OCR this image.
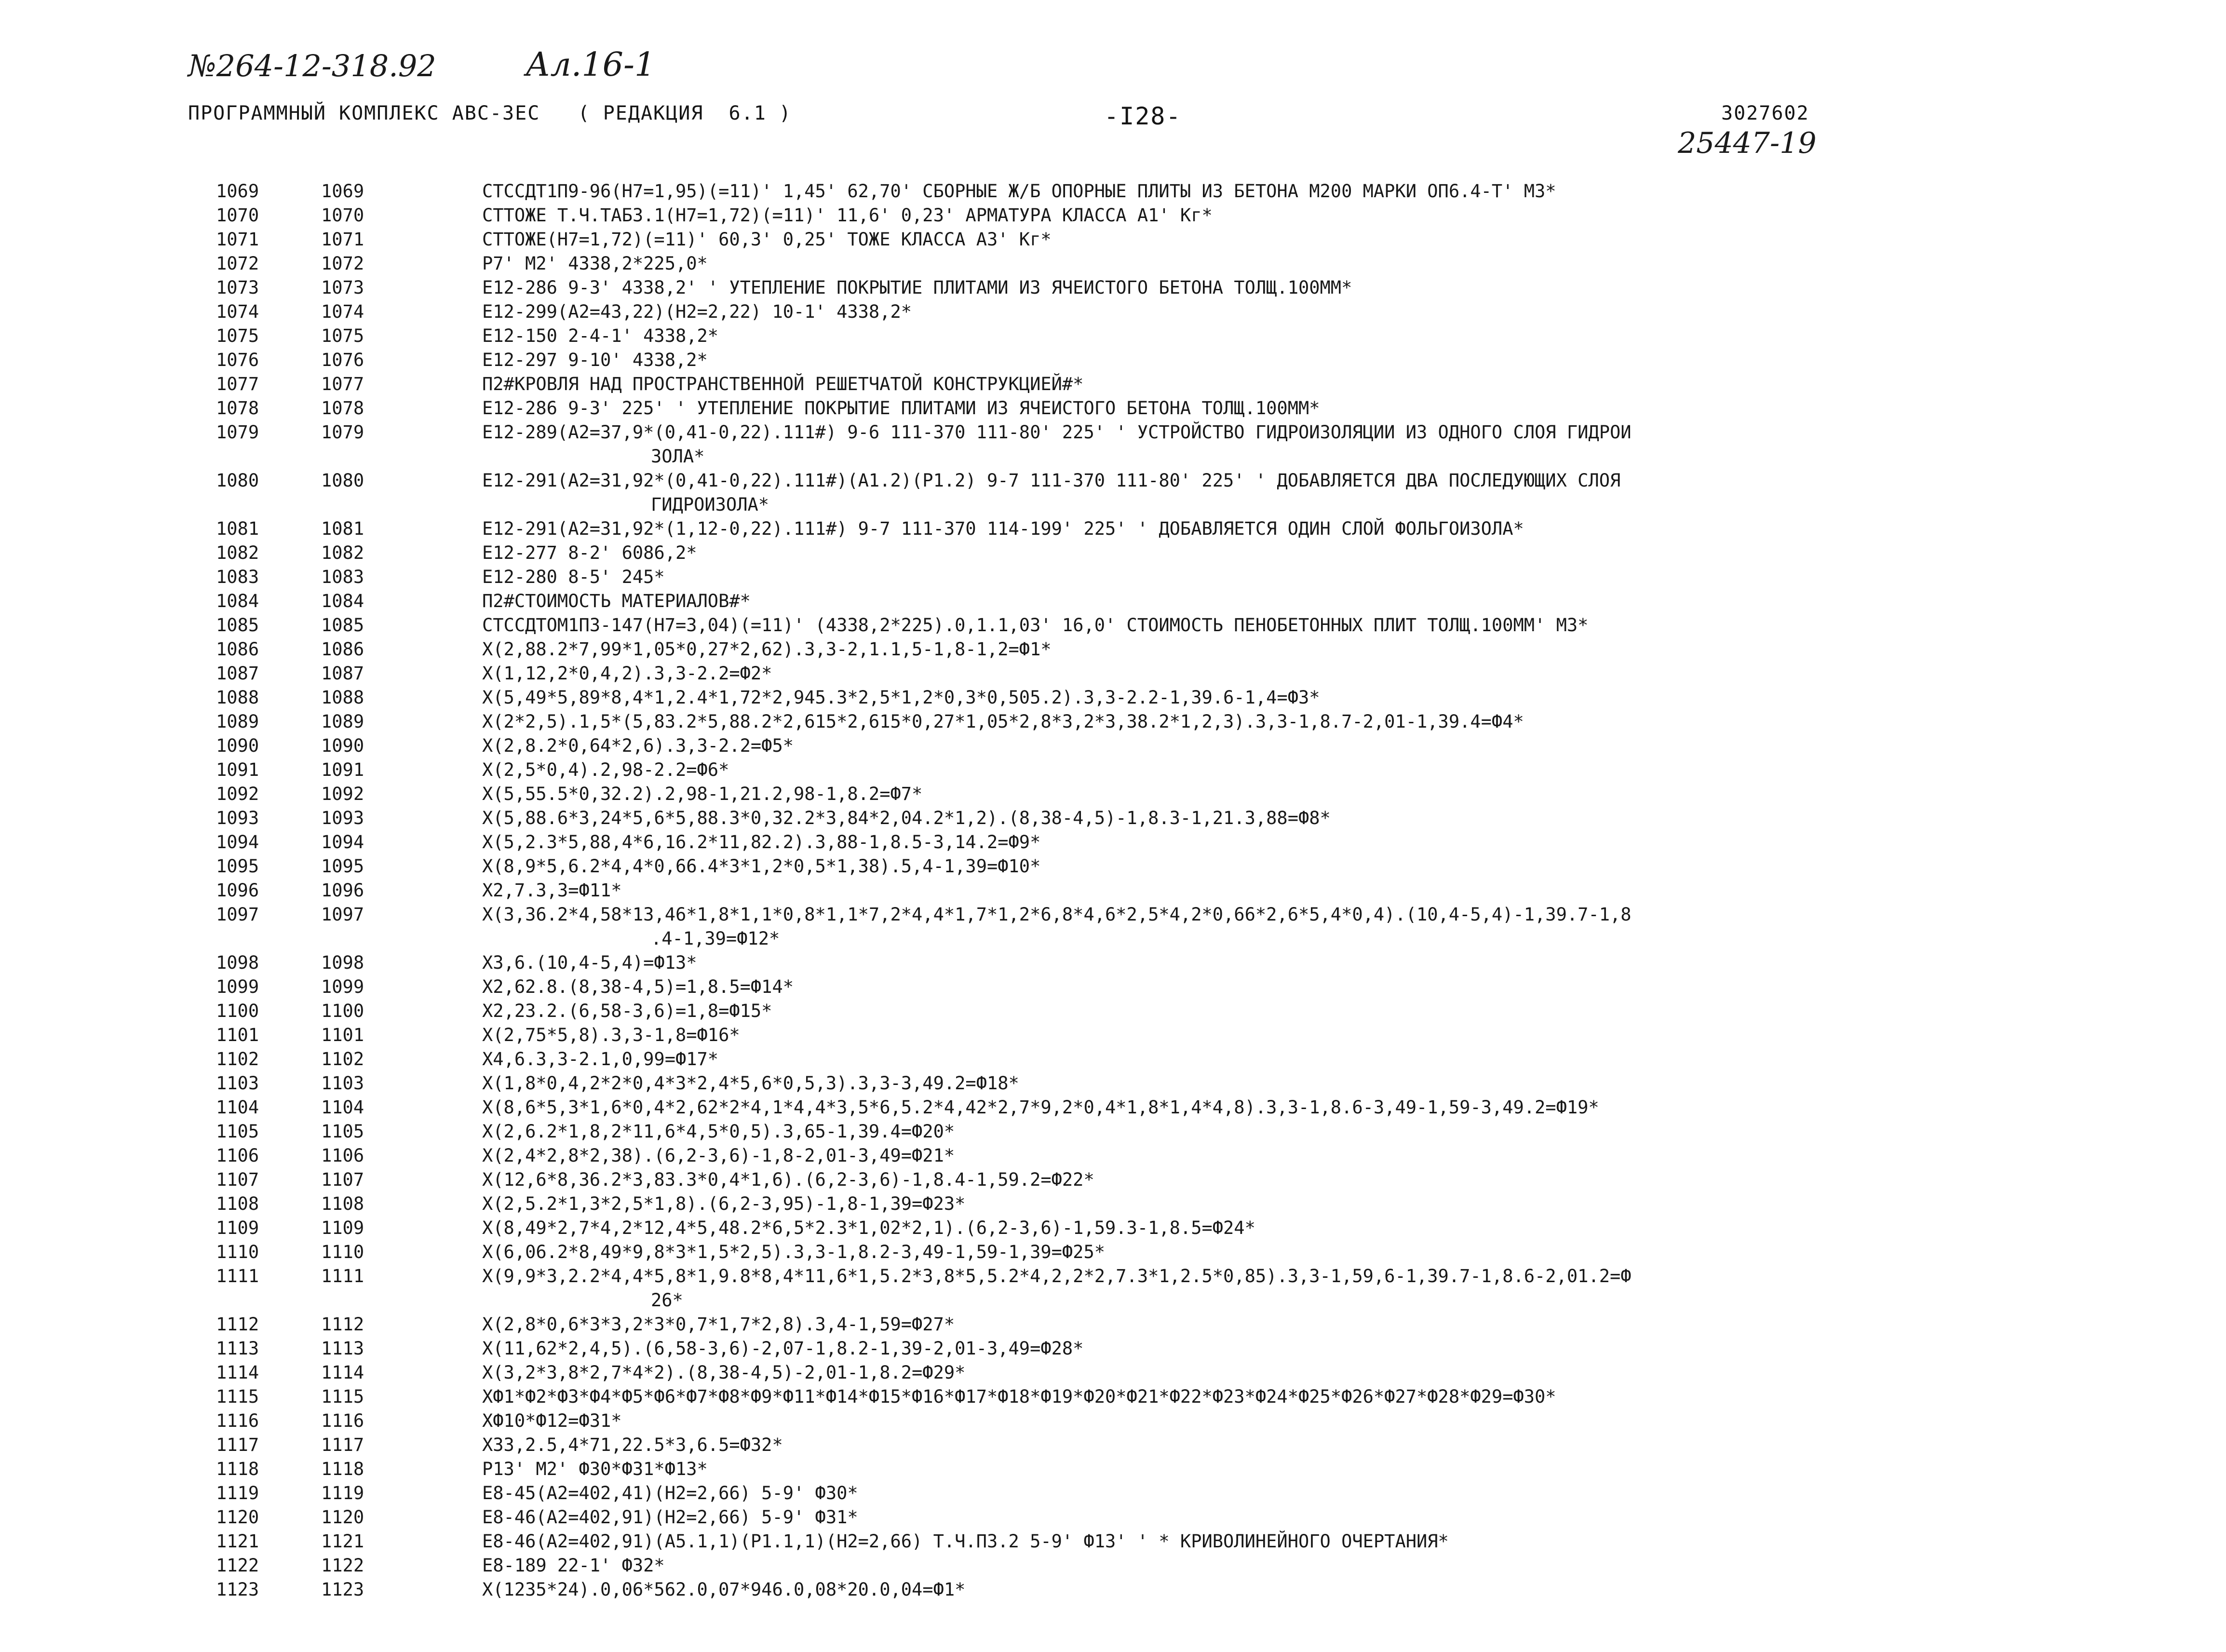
№264-12-318.92	Ал.16-1
25447-19
ПРОГРАММНЫЙ КОМПЛЕКС АВС-3ЕС   ( РЕДАКЦИЯ  6.1 )	-I28-	3027602
1069	1069	СТССДТ1П9-96(Н7=1,95)(=11)' 1,45' 62,70' СБОРНЫЕ Ж/Б ОПОРНЫЕ ПЛИТЫ ИЗ БЕТОНА М200 МАРКИ ОП6.4-Т' М3*
1070	1070	СТТОЖЕ Т.Ч.ТАБ3.1(Н7=1,72)(=11)' 11,6' 0,23' АРМАТУРА КЛАССА А1' Кг*
1071	1071	СТТОЖЕ(Н7=1,72)(=11)' 60,3' 0,25' ТОЖЕ КЛАССА А3' Кг*
1072	1072	Р7' М2' 4338,2*225,0*
1073	1073	Е12-286 9-3' 4338,2' ' УТЕПЛЕНИЕ ПОКРЫТИЕ ПЛИТАМИ ИЗ ЯЧЕИСТОГО БЕТОНА ТОЛЩ.100ММ*
1074	1074	Е12-299(А2=43,22)(Н2=2,22) 10-1' 4338,2*
1075	1075	Е12-150 2-4-1' 4338,2*
1076	1076	Е12-297 9-10' 4338,2*
1077	1077	П2#КРОВЛЯ НАД ПРОСТРАНСТВЕННОЙ РЕШЕТЧАТОЙ КОНСТРУКЦИЕЙ#*
1078	1078	Е12-286 9-3' 225' ' УТЕПЛЕНИЕ ПОКРЫТИЕ ПЛИТАМИ ИЗ ЯЧЕИСТОГО БЕТОНА ТОЛЩ.100ММ*
1079	1079	Е12-289(А2=37,9*(0,41-0,22).111#) 9-6 111-370 111-80' 225' ' УСТРОЙСТВО ГИДРОИЗОЛЯЦИИ ИЗ ОДНОГО СЛОЯ ГИДРОИ
ЗОЛА*
1080	1080	Е12-291(А2=31,92*(0,41-0,22).111#)(А1.2)(Р1.2) 9-7 111-370 111-80' 225' ' ДОБАВЛЯЕТСЯ ДВА ПОСЛЕДУЮЩИХ СЛОЯ
ГИДРОИЗОЛА*
1081	1081	Е12-291(А2=31,92*(1,12-0,22).111#) 9-7 111-370 114-199' 225' ' ДОБАВЛЯЕТСЯ ОДИН СЛОЙ ФОЛЬГОИЗОЛА*
1082	1082	Е12-277 8-2' 6086,2*
1083	1083	Е12-280 8-5' 245*
1084	1084	П2#СТОИМОСТЬ МАТЕРИАЛОВ#*
1085	1085	СТССДТОМ1П3-147(Н7=3,04)(=11)' (4338,2*225).0,1.1,03' 16,0' СТОИМОСТЬ ПЕНОБЕТОННЫХ ПЛИТ ТОЛЩ.100ММ' М3*
1086	1086	Х(2,88.2*7,99*1,05*0,27*2,62).3,3-2,1.1,5-1,8-1,2=Ф1*
1087	1087	Х(1,12,2*0,4,2).3,3-2.2=Ф2*
1088	1088	Х(5,49*5,89*8,4*1,2.4*1,72*2,945.3*2,5*1,2*0,3*0,505.2).3,3-2.2-1,39.6-1,4=Ф3*
1089	1089	Х(2*2,5).1,5*(5,83.2*5,88.2*2,615*2,615*0,27*1,05*2,8*3,2*3,38.2*1,2,3).3,3-1,8.7-2,01-1,39.4=Ф4*
1090	1090	Х(2,8.2*0,64*2,6).3,3-2.2=Ф5*
1091	1091	Х(2,5*0,4).2,98-2.2=Ф6*
1092	1092	Х(5,55.5*0,32.2).2,98-1,21.2,98-1,8.2=Ф7*
1093	1093	Х(5,88.6*3,24*5,6*5,88.3*0,32.2*3,84*2,04.2*1,2).(8,38-4,5)-1,8.3-1,21.3,88=Ф8*
1094	1094	Х(5,2.3*5,88,4*6,16.2*11,82.2).3,88-1,8.5-3,14.2=Ф9*
1095	1095	Х(8,9*5,6.2*4,4*0,66.4*3*1,2*0,5*1,38).5,4-1,39=Ф10*
1096	1096	Х2,7.3,3=Ф11*
1097	1097	Х(3,36.2*4,58*13,46*1,8*1,1*0,8*1,1*7,2*4,4*1,7*1,2*6,8*4,6*2,5*4,2*0,66*2,6*5,4*0,4).(10,4-5,4)-1,39.7-1,8
.4-1,39=Ф12*
1098	1098	Х3,6.(10,4-5,4)=Ф13*
1099	1099	Х2,62.8.(8,38-4,5)=1,8.5=Ф14*
1100	1100	Х2,23.2.(6,58-3,6)=1,8=Ф15*
1101	1101	Х(2,75*5,8).3,3-1,8=Ф16*
1102	1102	Х4,6.3,3-2.1,0,99=Ф17*
1103	1103	Х(1,8*0,4,2*2*0,4*3*2,4*5,6*0,5,3).3,3-3,49.2=Ф18*
1104	1104	Х(8,6*5,3*1,6*0,4*2,62*2*4,1*4,4*3,5*6,5.2*4,42*2,7*9,2*0,4*1,8*1,4*4,8).3,3-1,8.6-3,49-1,59-3,49.2=Ф19*
1105	1105	Х(2,6.2*1,8,2*11,6*4,5*0,5).3,65-1,39.4=Ф20*
1106	1106	Х(2,4*2,8*2,38).(6,2-3,6)-1,8-2,01-3,49=Ф21*
1107	1107	Х(12,6*8,36.2*3,83.3*0,4*1,6).(6,2-3,6)-1,8.4-1,59.2=Ф22*
1108	1108	Х(2,5.2*1,3*2,5*1,8).(6,2-3,95)-1,8-1,39=Ф23*
1109	1109	Х(8,49*2,7*4,2*12,4*5,48.2*6,5*2.3*1,02*2,1).(6,2-3,6)-1,59.3-1,8.5=Ф24*
1110	1110	Х(6,06.2*8,49*9,8*3*1,5*2,5).3,3-1,8.2-3,49-1,59-1,39=Ф25*
1111	1111	Х(9,9*3,2.2*4,4*5,8*1,9.8*8,4*11,6*1,5.2*3,8*5,5.2*4,2,2*2,7.3*1,2.5*0,85).3,3-1,59,6-1,39.7-1,8.6-2,01.2=Ф
26*
1112	1112	Х(2,8*0,6*3*3,2*3*0,7*1,7*2,8).3,4-1,59=Ф27*
1113	1113	Х(11,62*2,4,5).(6,58-3,6)-2,07-1,8.2-1,39-2,01-3,49=Ф28*
1114	1114	Х(3,2*3,8*2,7*4*2).(8,38-4,5)-2,01-1,8.2=Ф29*
1115	1115	ХФ1*Ф2*Ф3*Ф4*Ф5*Ф6*Ф7*Ф8*Ф9*Ф11*Ф14*Ф15*Ф16*Ф17*Ф18*Ф19*Ф20*Ф21*Ф22*Ф23*Ф24*Ф25*Ф26*Ф27*Ф28*Ф29=Ф30*
1116	1116	ХФ10*Ф12=Ф31*
1117	1117	Х33,2.5,4*71,22.5*3,6.5=Ф32*
1118	1118	Р13' М2' Ф30*Ф31*Ф13*
1119	1119	Е8-45(А2=402,41)(Н2=2,66) 5-9' Ф30*
1120	1120	Е8-46(А2=402,91)(Н2=2,66) 5-9' Ф31*
1121	1121	Е8-46(А2=402,91)(А5.1,1)(Р1.1,1)(Н2=2,66) Т.Ч.П3.2 5-9' Ф13' ' * КРИВОЛИНЕЙНОГО ОЧЕРТАНИЯ*
1122	1122	Е8-189 22-1' Ф32*
1123	1123	Х(1235*24).0,06*562.0,07*946.0,08*20.0,04=Ф1*
